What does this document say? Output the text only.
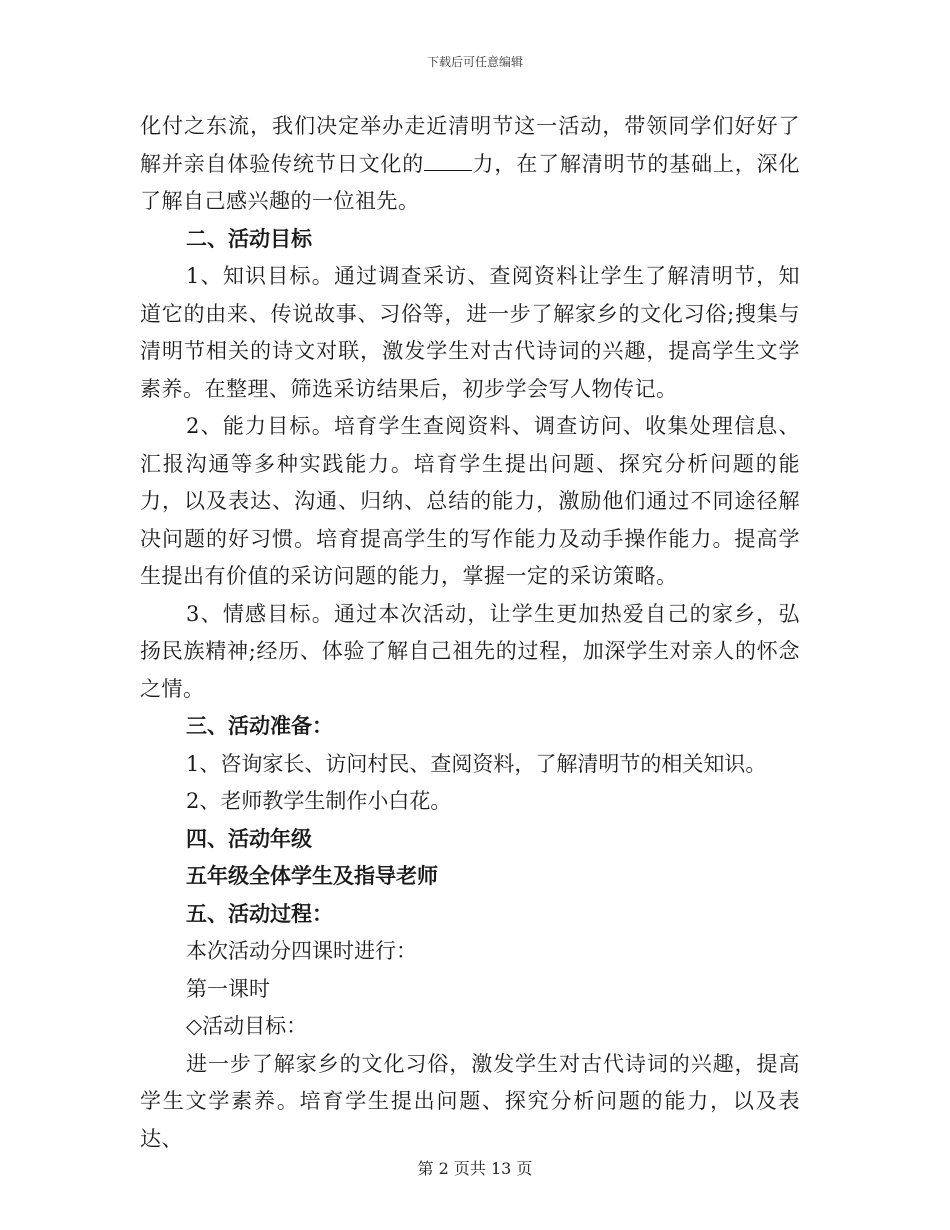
下载后可任意编辑

化付之东流，我们决定举办走近清明节这一活动，带领同学们好好了解并亲自体验传统节日文化的 力，在了解清明节的基础上，深化了解自己感兴趣的一位祖先。

二、活动目标

1、知识目标。通过调查采访、查阅资料让学生了解清明节，知道它的由来、传说故事、习俗等，进一步了解家乡的文化习俗;搜集与清明节相关的诗文对联，激发学生对古代诗词的兴趣，提高学生文学素养。在整理、筛选采访结果后，初步学会写人物传记。

2、能力目标。培育学生查阅资料、调查访问、收集处理信息、汇报沟通等多种实践能力。培育学生提出问题、探究分析问题的能力，以及表达、沟通、归纳、总结的能力，激励他们通过不同途径解决问题的好习惯。培育提高学生的写作能力及动手操作能力。提高学生提出有价值的采访问题的能力，掌握一定的采访策略。

3、情感目标。通过本次活动，让学生更加热爱自己的家乡，弘扬民族精神;经历、体验了解自己祖先的过程，加深学生对亲人的怀念之情。

三、活动准备：

1、咨询家长、访问村民、查阅资料，了解清明节的相关知识。

2、老师教学生制作小白花。

四、活动年级

五年级全体学生及指导老师

五、活动过程：

本次活动分四课时进行：

第一课时

◇活动目标：

进一步了解家乡的文化习俗，激发学生对古代诗词的兴趣，提高学生文学素养。培育学生提出问题、探究分析问题的能力，以及表达、

第 2 页共 13 页
